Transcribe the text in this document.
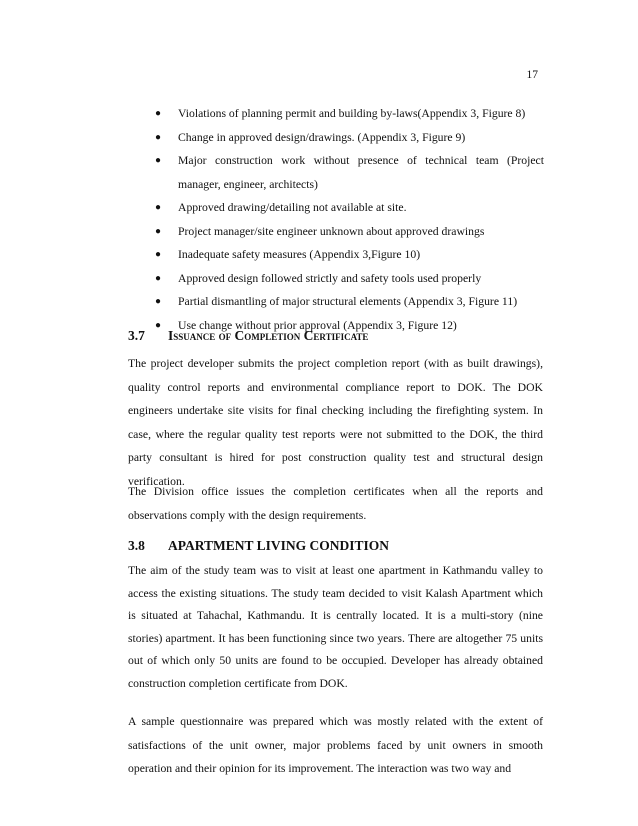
17
● Violations of planning permit and building by-laws(Appendix 3, Figure 8)
● Change in approved design/drawings. (Appendix 3, Figure 9)
● Major construction work without presence of technical team (Project manager, engineer, architects)
● Approved drawing/detailing not available at site.
● Project manager/site engineer unknown about approved drawings
● Inadequate safety measures (Appendix 3,Figure 10)
● Approved design followed strictly and safety tools used properly
● Partial dismantling of major structural elements (Appendix 3, Figure 11)
● Use change without prior approval (Appendix 3, Figure 12)
3.7 Issuance of Completion Certificate

The project developer submits the project completion report (with as built drawings), quality control reports and environmental compliance report to DOK. The DOK engineers undertake site visits for final checking including the firefighting system. In case, where the regular quality test reports were not submitted to the DOK, the third party consultant is hired for post construction quality test and structural design verification.

The Division office issues the completion certificates when all the reports and observations comply with the design requirements.

3.8 APARTMENT LIVING CONDITION

The aim of the study team was to visit at least one apartment in Kathmandu valley to access the existing situations. The study team decided to visit Kalash Apartment which is situated at Tahachal, Kathmandu. It is centrally located. It is a multi-story (nine stories) apartment. It has been functioning since two years. There are altogether 75 units out of which only 50 units are found to be occupied. Developer has already obtained construction completion certificate from DOK.

A sample questionnaire was prepared which was mostly related with the extent of satisfactions of the unit owner, major problems faced by unit owners in smooth operation and their opinion for its improvement. The interaction was two way and
